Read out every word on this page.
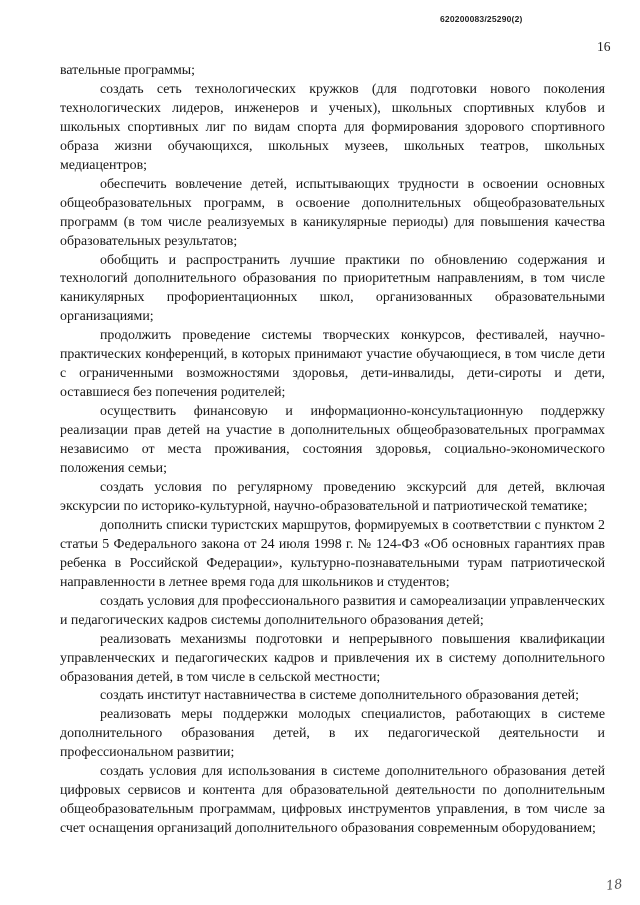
620200083/25290(2)
16

вательные программы;

создать сеть технологических кружков (для подготовки нового поколения технологических лидеров, инженеров и ученых), школьных спортивных клубов и школьных спортивных лиг по видам спорта для формирования здорового спортивного образа жизни обучающихся, школьных музеев, школьных театров, школьных медиацентров;

обеспечить вовлечение детей, испытывающих трудности в освоении основных общеобразовательных программ, в освоение дополнительных общеобразовательных программ (в том числе реализуемых в каникулярные периоды) для повышения качества образовательных результатов;

обобщить и распространить лучшие практики по обновлению содержания и технологий дополнительного образования по приоритетным направлениям, в том числе каникулярных профориентационных школ, организованных образовательными организациями;

продолжить проведение системы творческих конкурсов, фестивалей, научно-практических конференций, в которых принимают участие обучающиеся, в том числе дети с ограниченными возможностями здоровья, дети-инвалиды, дети-сироты и дети, оставшиеся без попечения родителей;

осуществить финансовую и информационно-консультационную поддержку реализации прав детей на участие в дополнительных общеобразовательных программах независимо от места проживания, состояния здоровья, социально-экономического положения семьи;

создать условия по регулярному проведению экскурсий для детей, включая экскурсии по историко-культурной, научно-образовательной и патриотической тематике;

дополнить списки туристских маршрутов, формируемых в соответствии с пунктом 2 статьи 5 Федерального закона от 24 июля 1998 г. № 124-ФЗ «Об основных гарантиях прав ребенка в Российской Федерации», культурно-познавательными турам патриотической направленности в летнее время года для школьников и студентов;

создать условия для профессионального развития и самореализации управленческих и педагогических кадров системы дополнительного образования детей;

реализовать механизмы подготовки и непрерывного повышения квалификации управленческих и педагогических кадров и привлечения их в систему дополнительного образования детей, в том числе в сельской местности;

создать институт наставничества в системе дополнительного образования детей;

реализовать меры поддержки молодых специалистов, работающих в системе дополнительного образования детей, в их педагогической деятельности и профессиональном развитии;

создать условия для использования в системе дополнительного образования детей цифровых сервисов и контента для образовательной деятельности по дополнительным общеобразовательным программам, цифровых инструментов управления, в том числе за счет оснащения организаций дополнительного образования современным оборудованием;

18
